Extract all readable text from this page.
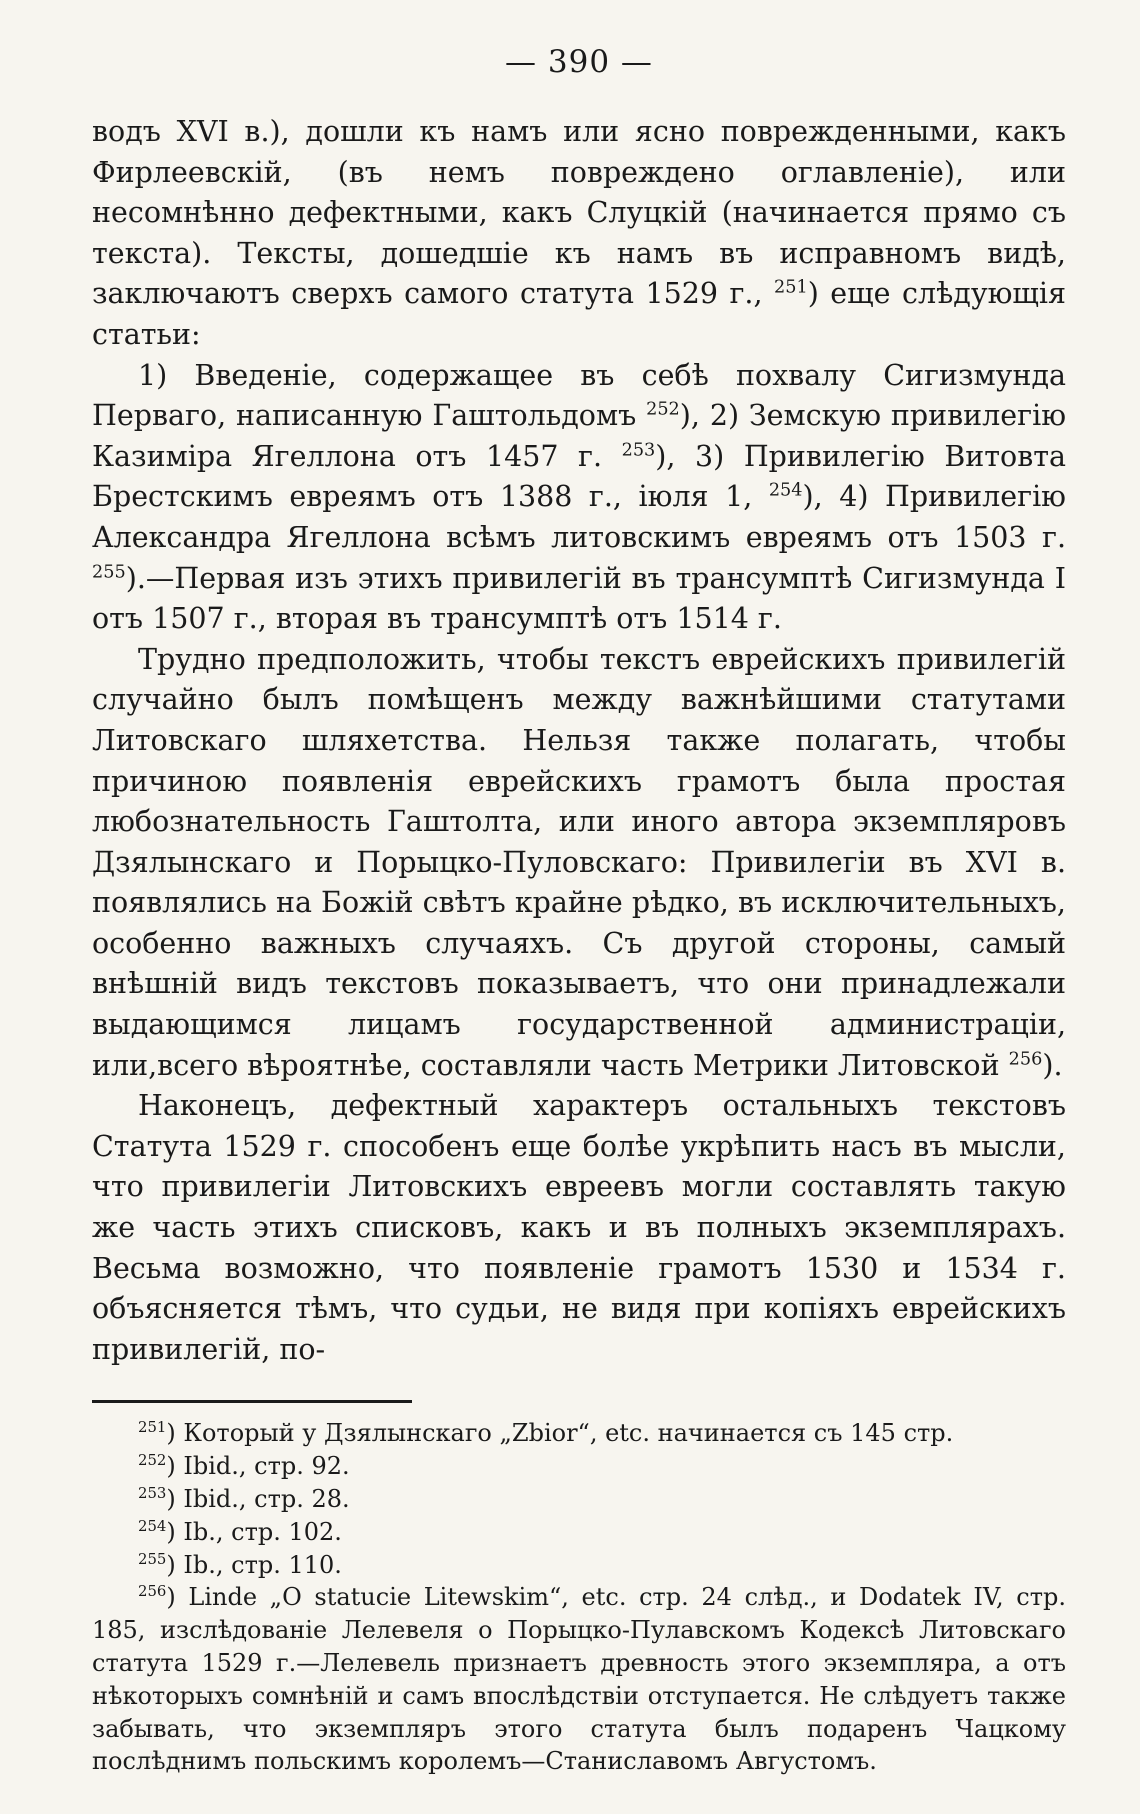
— 390 —

водъ XVI в.), дошли къ намъ или ясно поврежденными, какъ Фирлеевскій, (въ немъ повреждено оглавленіе), или несомнѣнно дефектными, какъ Слуцкій (начинается прямо съ текста). Тексты, дошедшіе къ намъ въ исправномъ видѣ, заключаютъ сверхъ самого статута 1529 г., $^{251}$) еще слѣдующія статьи:

1) Введеніе, содержащее въ себѣ похвалу Сигизмунда Перваго, написанную Гаштольдомъ $^{252}$), 2) Земскую привилегію Казиміра Ягеллона отъ 1457 г. $^{253}$), 3) Привилегію Витовта Брестскимъ евреямъ отъ 1388 г., іюля 1, $^{254}$), 4) Привилегію Александра Ягеллона всѣмъ литовскимъ евреямъ отъ 1503 г. $^{255}$).—Первая изъ этихъ привилегій въ трансумптѣ Сигизмунда I отъ 1507 г., вторая въ трансумптѣ отъ 1514 г.

Трудно предположить, чтобы текстъ еврейскихъ привилегій случайно былъ помѣщенъ между важнѣйшими статутами Литовскаго шляхетства. Нельзя также полагать, чтобы причиною появленія еврейскихъ грамотъ была простая любознательность Гаштолта, или иного автора экземпляровъ Дзялынскаго и Порыцко-Пуловскаго: Привилегіи въ XVI в. появлялись на Божій свѣтъ крайне рѣдко, въ исключительныхъ, особенно важныхъ случаяхъ. Съ другой стороны, самый внѣшній видъ текстовъ показываетъ, что они принадлежали выдающимся лицамъ государственной администраціи, или,всего вѣроятнѣе, составляли часть Метрики Литовской $^{256}$).

Наконецъ, дефектный характеръ остальныхъ текстовъ Статута 1529 г. способенъ еще болѣе укрѣпить насъ въ мысли, что привилегіи Литовскихъ евреевъ могли составлять такую же часть этихъ списковъ, какъ и въ полныхъ экземплярахъ. Весьма возможно, что появленіе грамотъ 1530 и 1534 г. объясняется тѣмъ, что судьи, не видя при копіяхъ еврейскихъ привилегій, по-

$^{251}$) Который у Дзялынскаго „Zbior“, etc. начинается съ 145 стр.

$^{252}$) Ibid., стр. 92.

$^{253}$) Ibid., стр. 28.

$^{254}$) Ib., стр. 102.

$^{255}$) Ib., стр. 110.

$^{256}$) Linde „O statucie Litewskim“, etc. стр. 24 слѣд., и Dodatek IV, стр. 185, изслѣдованіе Лелевеля о Порыцко-Пулавскомъ Кодексѣ Литовскаго статута 1529 г.—Лелевель признаетъ древность этого экземпляра, а отъ нѣкоторыхъ сомнѣній и самъ впослѣдствіи отступается. Не слѣдуетъ также забывать, что экземпляръ этого статута былъ подаренъ Чацкому послѣднимъ польскимъ королемъ—Станиславомъ Августомъ.
